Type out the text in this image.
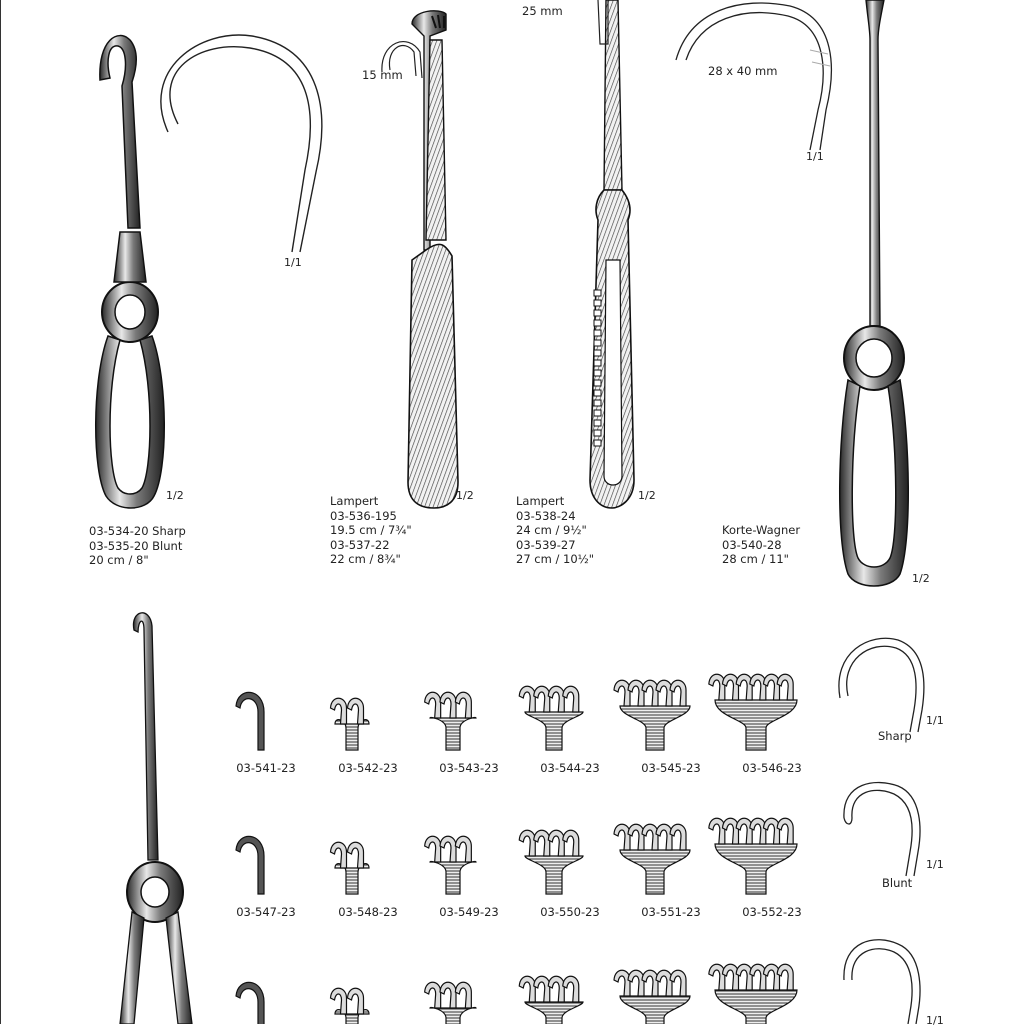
1/2
1/1
03-534-20 Sharp
03-535-20 Blunt
20 cm / 8"
15 mm
1/2
Lampert
03-536-195
19.5 cm / 7¾"
03-537-22
22 cm / 8¾"
25 mm
1/2
Lampert
03-538-24
24 cm / 9½"
03-539-27
27 cm / 10½"
28 x 40 mm
1/1
1/2
Korte-Wagner
03-540-28
28 cm / 11"
03-541-23	03-542-23	03-543-23	03-544-23	03-545-23	03-546-23
1/1
Sharp
03-547-23	03-548-23	03-549-23	03-550-23	03-551-23	03-552-23
1/1
Blunt
1/1
